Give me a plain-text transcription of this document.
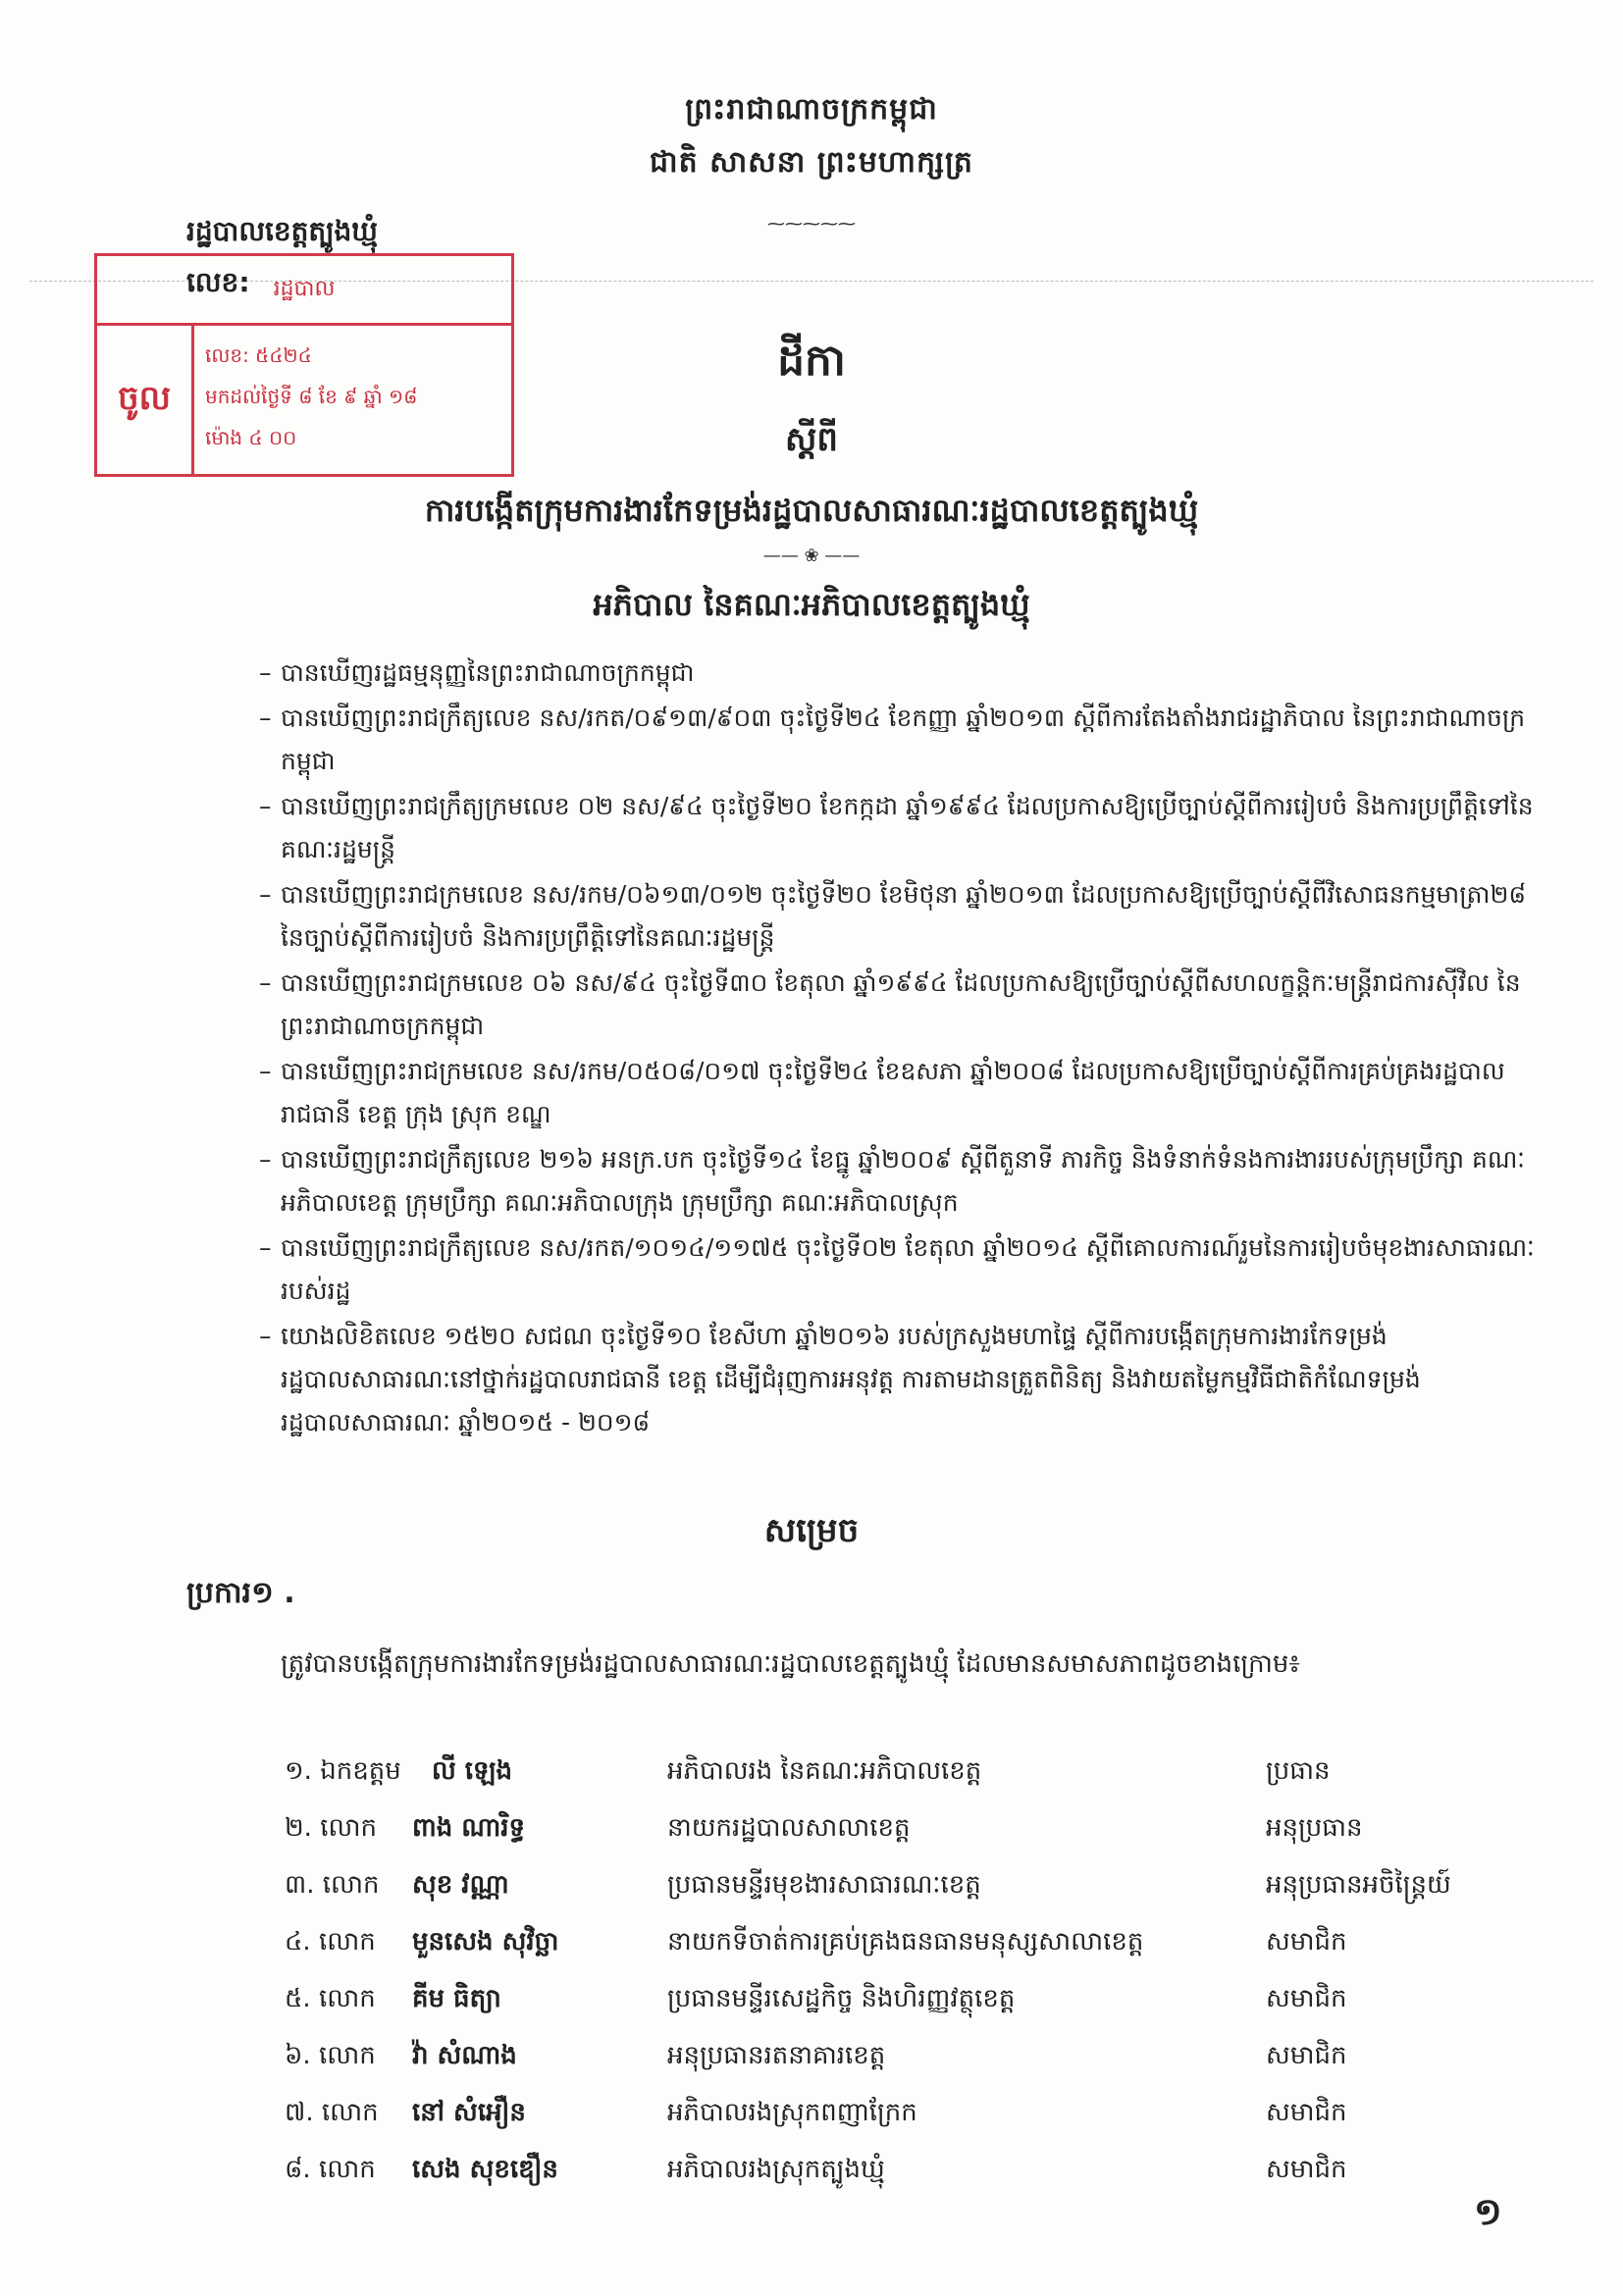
ព្រះរាជាណាចក្រកម្ពុជា
ជាតិ សាសនា ព្រះមហាក្សត្រ
⁓⁓⁓⁓⁓
រដ្ឋបាលខេត្តត្បូងឃ្មុំ
លេខ:	រដ្ឋបាល
ចូល
លេខ: ៥៤២៤
មកដល់ថ្ងៃទី ៨ ខែ ៩ ឆ្នាំ ១៨
ម៉ោង ៤ ០០
ដីកា
ស្តីពី
ការបង្កើតក្រុមការងារកែទម្រង់រដ្ឋបាលសាធារណៈរដ្ឋបាលខេត្តត្បូងឃ្មុំ
—— ❀ ——
អភិបាល នៃគណៈអភិបាលខេត្តត្បូងឃ្មុំ
– បានឃើញរដ្ឋធម្មនុញ្ញនៃព្រះរាជាណាចក្រកម្ពុជា
– បានឃើញព្រះរាជក្រឹត្យលេខ នស/រកត/០៩១៣/៩០៣ ចុះថ្ងៃទី២៤ ខែកញ្ញា ឆ្នាំ២០១៣ ស្តីពីការតែងតាំងរាជរដ្ឋាភិបាល នៃព្រះរាជាណាចក្រកម្ពុជា
– បានឃើញព្រះរាជក្រឹត្យក្រមលេខ ០២ នស/៩៤ ចុះថ្ងៃទី២០ ខែកក្កដា ឆ្នាំ១៩៩៤ ដែលប្រកាសឱ្យប្រើច្បាប់ស្តីពីការរៀបចំ និងការប្រព្រឹត្តិទៅនៃគណៈរដ្ឋមន្ត្រី
– បានឃើញព្រះរាជក្រមលេខ នស/រកម/០៦១៣/០១២ ចុះថ្ងៃទី២០ ខែមិថុនា ឆ្នាំ២០១៣ ដែលប្រកាសឱ្យប្រើច្បាប់ស្តីពីវិសោធនកម្មមាត្រា២៨ នៃច្បាប់ស្តីពីការរៀបចំ និងការប្រព្រឹត្តិទៅនៃគណៈរដ្ឋមន្ត្រី
– បានឃើញព្រះរាជក្រមលេខ ០៦ នស/៩៤ ចុះថ្ងៃទី៣០ ខែតុលា ឆ្នាំ១៩៩៤ ដែលប្រកាសឱ្យប្រើច្បាប់ស្តីពីសហលក្ខន្តិកៈមន្ត្រីរាជការស៊ីវិល នៃព្រះរាជាណាចក្រកម្ពុជា
– បានឃើញព្រះរាជក្រមលេខ នស/រកម/០៥០៨/០១៧ ចុះថ្ងៃទី២៤ ខែឧសភា ឆ្នាំ២០០៨ ដែលប្រកាសឱ្យប្រើច្បាប់ស្តីពីការគ្រប់គ្រងរដ្ឋបាលរាជធានី ខេត្ត ក្រុង ស្រុក ខណ្ឌ
– បានឃើញព្រះរាជក្រឹត្យលេខ ២១៦ អនក្រ.បក ចុះថ្ងៃទី១៤ ខែធ្នូ ឆ្នាំ២០០៩ ស្តីពីតួនាទី ភារកិច្ច និងទំនាក់ទំនងការងាររបស់ក្រុមប្រឹក្សា គណៈអភិបាលខេត្ត ក្រុមប្រឹក្សា គណៈអភិបាលក្រុង ក្រុមប្រឹក្សា គណៈអភិបាលស្រុក
– បានឃើញព្រះរាជក្រឹត្យលេខ នស/រកត/១០១៤/១១៧៥ ចុះថ្ងៃទី០២ ខែតុលា ឆ្នាំ២០១៤ ស្តីពីគោលការណ៍រួមនៃការរៀបចំមុខងារសាធារណៈរបស់រដ្ឋ
– យោងលិខិតលេខ ១៥២០ សជណ ចុះថ្ងៃទី១០ ខែសីហា ឆ្នាំ២០១៦ របស់ក្រសួងមហាផ្ទៃ ស្តីពីការបង្កើតក្រុមការងារកែទម្រង់រដ្ឋបាលសាធារណៈនៅថ្នាក់រដ្ឋបាលរាជធានី ខេត្ត ដើម្បីជំរុញការអនុវត្ត ការតាមដានត្រួតពិនិត្យ និងវាយតម្លៃកម្មវិធីជាតិកំណែទម្រង់រដ្ឋបាលសាធារណៈ ឆ្នាំ២០១៥ - ២០១៨
សម្រេច
ប្រការ១ .
ត្រូវបានបង្កើតក្រុមការងារកែទម្រង់រដ្ឋបាលសាធារណៈរដ្ឋបាលខេត្តត្បូងឃ្មុំ ដែលមានសមាសភាពដូចខាងក្រោម៖
១. ឯកឧត្តម លី ឡេង	អភិបាលរង នៃគណៈអភិបាលខេត្ត	ប្រធាន
២. លោក ពាង ណារិទ្ធ	នាយករដ្ឋបាលសាលាខេត្ត	អនុប្រធាន
៣. លោក សុខ វណ្ណា	ប្រធានមន្ទីរមុខងារសាធារណៈខេត្ត	អនុប្រធានអចិន្ត្រៃយ៍
៤. លោក មួនសេង សុវិច្ឆា	នាយកទីចាត់ការគ្រប់គ្រងធនធានមនុស្សសាលាខេត្ត	សមាជិក
៥. លោក គីម ធិត្យា	ប្រធានមន្ទីរសេដ្ឋកិច្ច និងហិរញ្ញវត្ថុខេត្ត	សមាជិក
៦. លោក វ៉ា សំណាង	អនុប្រធានរតនាគារខេត្ត	សមាជិក
៧. លោក នៅ សំអឿន	អភិបាលរងស្រុកពញាក្រែក	សមាជិក
៨. លោក សេង សុខឌឿន	អភិបាលរងស្រុកត្បូងឃ្មុំ	សមាជិក
១
